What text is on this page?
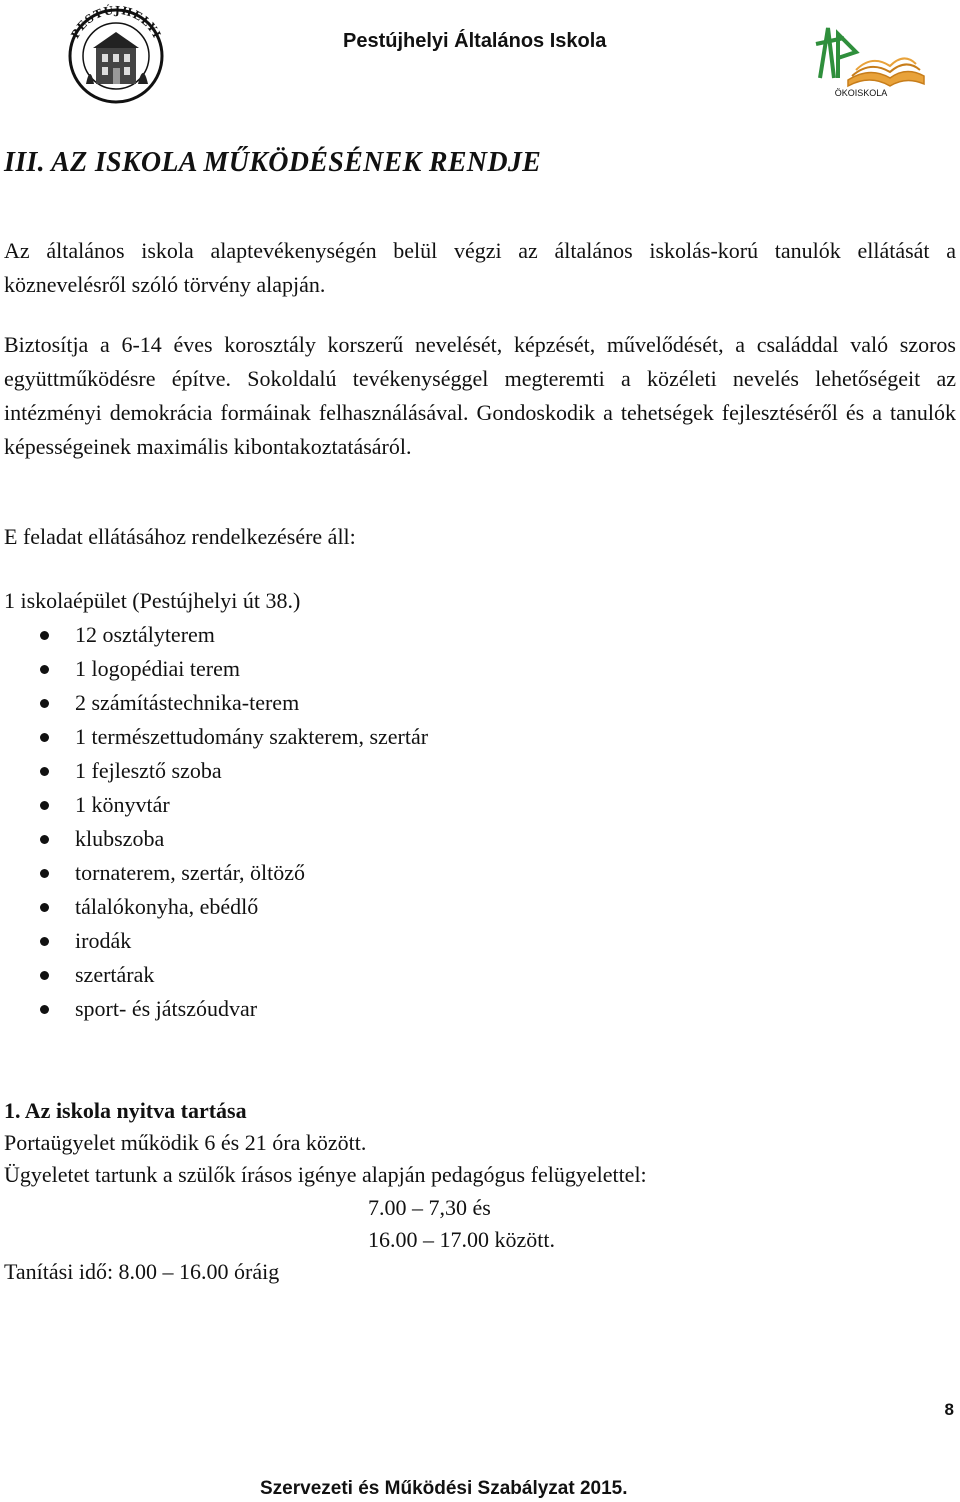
PESTÚJHELYI	Pestújhelyi Általános Iskola
ÖKOISKOLA
III. AZ ISKOLA MŰKÖDÉSÉNEK RENDJE
Az általános iskola alaptevékenységén belül végzi az általános iskolás-korú tanulók ellátását a köznevelésről szóló törvény alapján.
Biztosítja a 6-14 éves korosztály korszerű nevelését, képzését, művelődését, a családdal való szoros együttműködésre építve. Sokoldalú tevékenységgel megteremti a közéleti nevelés lehetőségeit az intézményi demokrácia formáinak felhasználásával. Gondoskodik a tehetségek fejlesztéséről és a tanulók képességeinek maximális kibontakoztatásáról.
E feladat ellátásához rendelkezésére áll:
1 iskolaépület (Pestújhelyi út 38.)
12 osztályterem
1 logopédiai terem
2 számítástechnika-terem
1 természettudomány szakterem, szertár
1 fejlesztő szoba
1 könyvtár
klubszoba
tornaterem, szertár, öltöző
tálalókonyha, ebédlő
irodák
szertárak
sport- és játszóudvar
1. Az iskola nyitva tartása
Portaügyelet működik 6 és 21 óra között.
Ügyeletet tartunk a szülők írásos igénye alapján pedagógus felügyelettel:
7.00 – 7,30 és
16.00 – 17.00 között.
Tanítási idő: 8.00 – 16.00 óráig
8
Szervezeti és Működési Szabályzat 2015.
